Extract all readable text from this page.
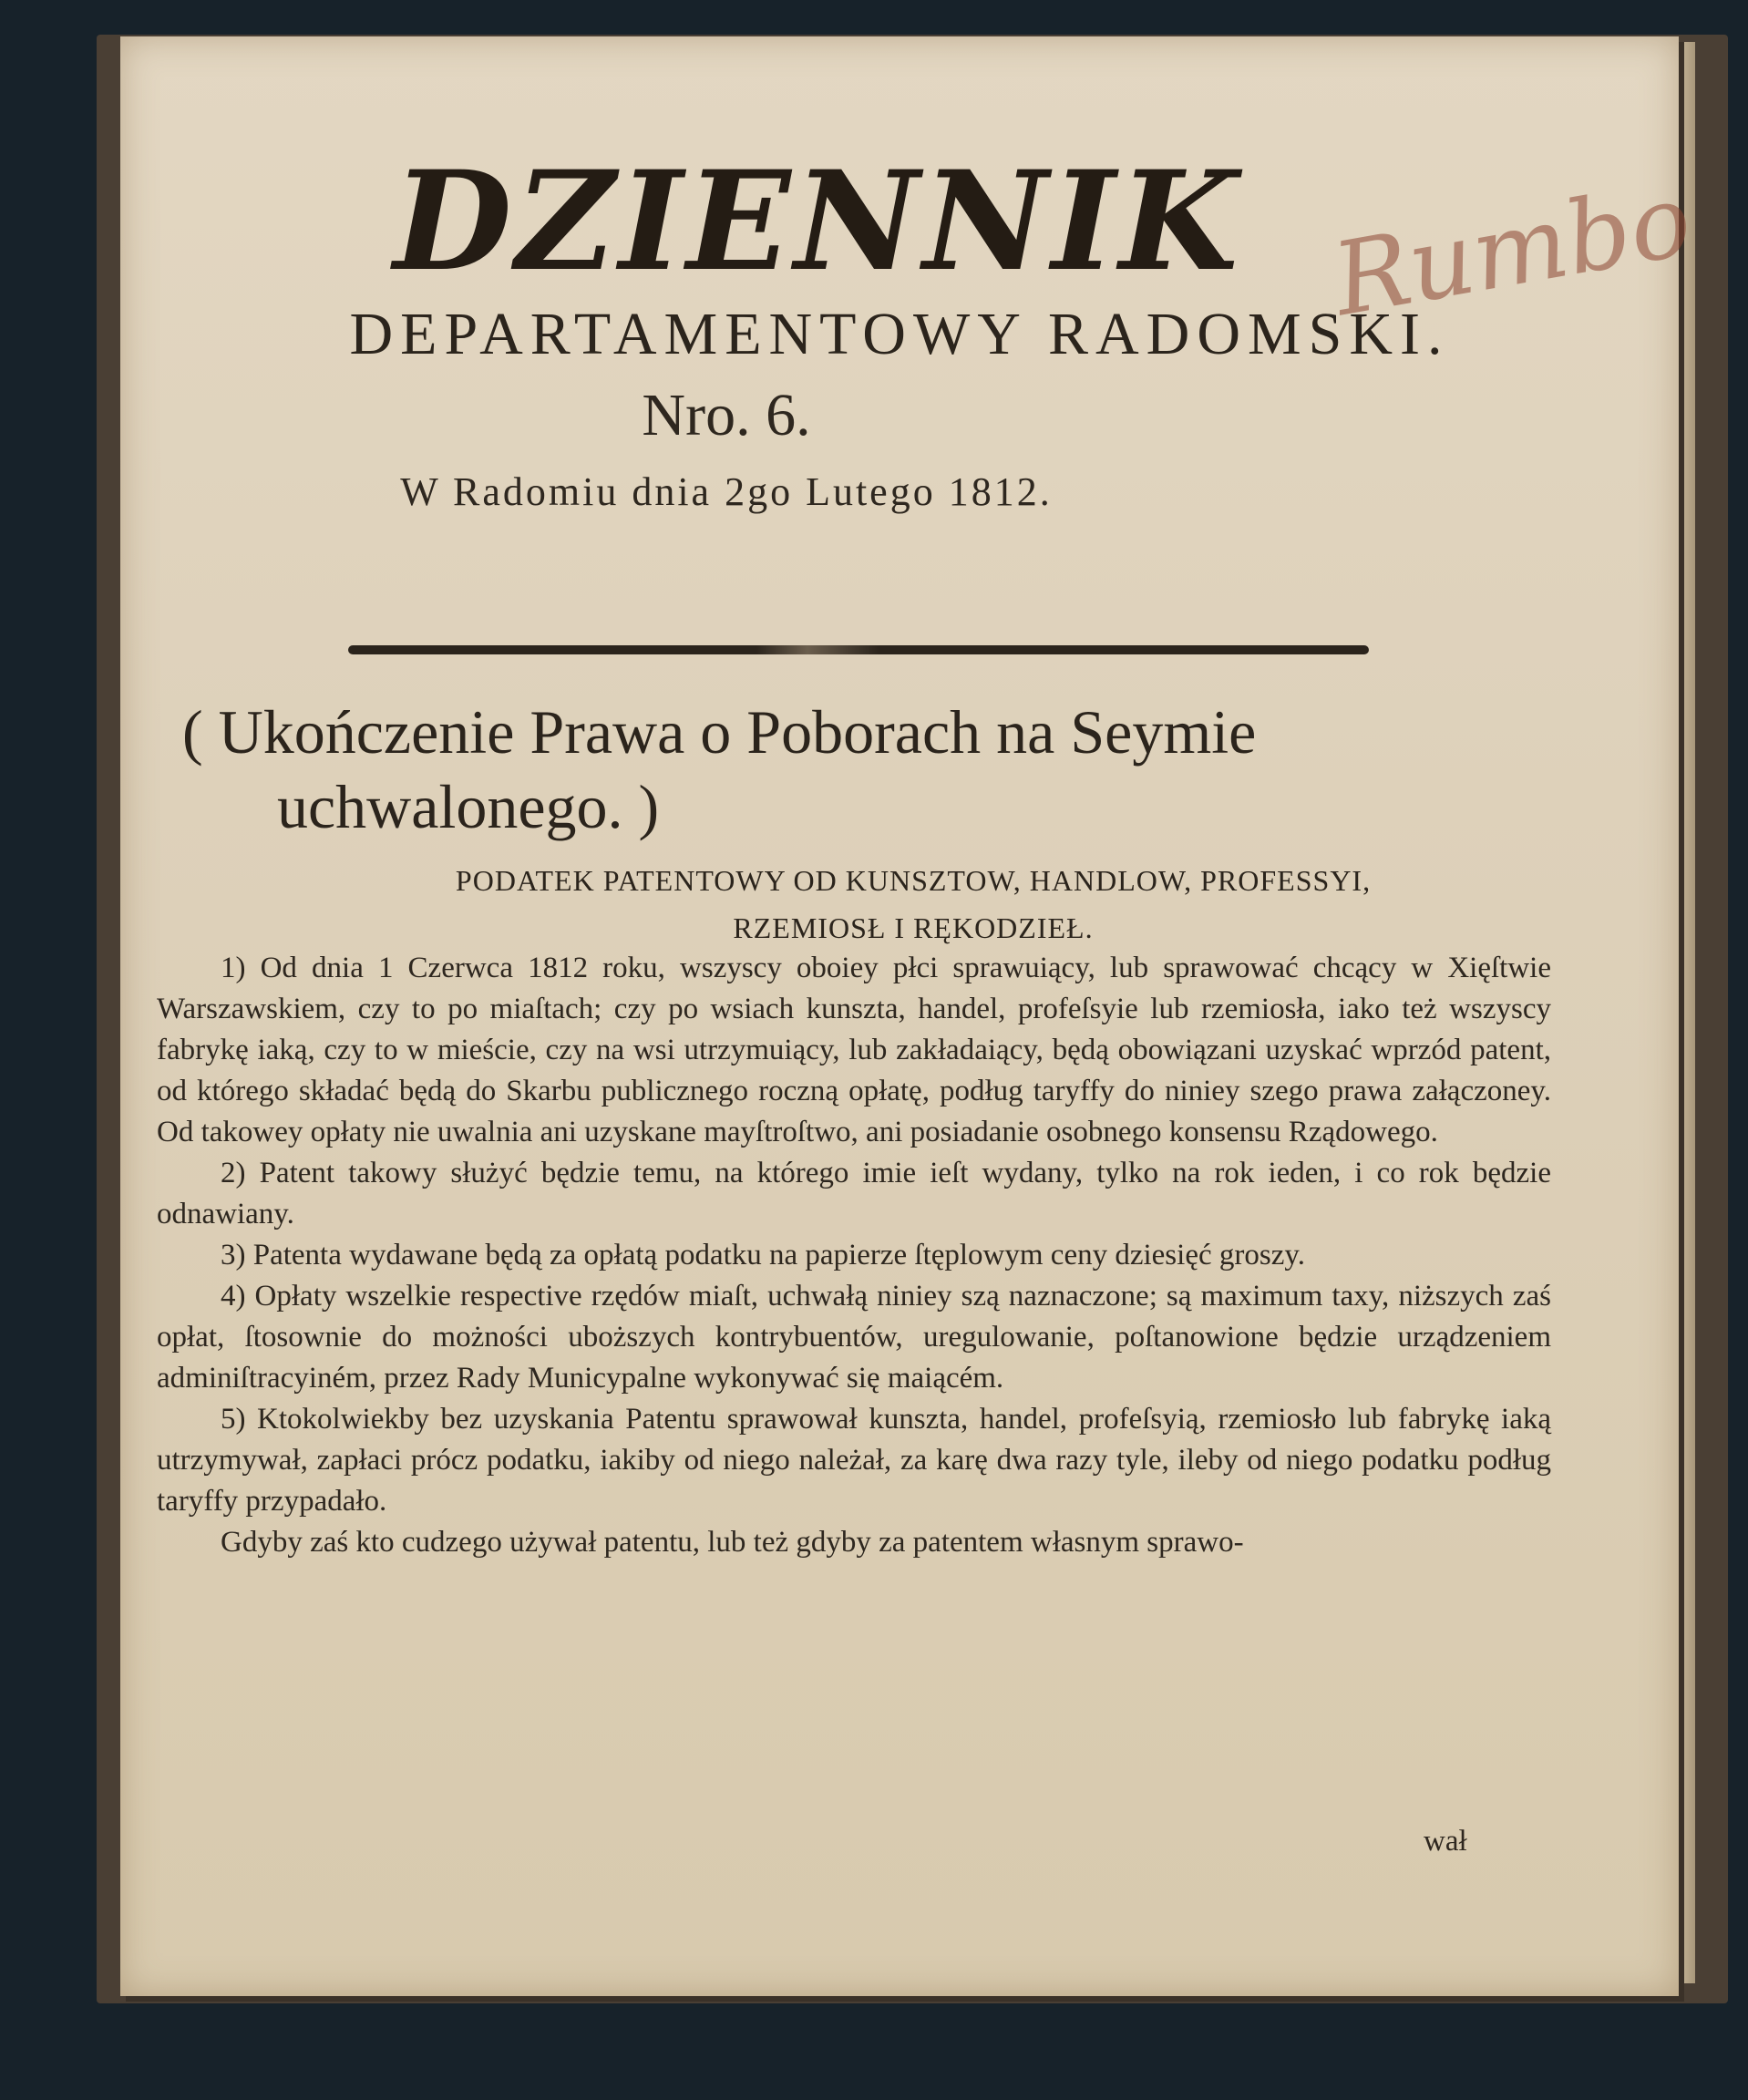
DZIENNIK
DEPARTAMENTOWY RADOMSKI.
Nro. 6.
W Radomiu dnia 2go Lutego 1812.
Rumbo
( Ukończenie Prawa o Poborach na Seymie
uchwalonego. )
PODATEK PATENTOWY OD KUNSZTOW, HANDLOW, PROFESSYI,
RZEMIOSŁ I RĘKODZIEŁ.

1) Od dnia 1 Czerwca 1812 roku, wszyscy oboiey płci sprawuiący, lub sprawować chcący w Xięſtwie Warszawskiem, czy to po miaſtach; czy po wsiach kunszta, handel, profeſsyie lub rzemiosła, iako też wszyscy fabrykę iaką, czy to w mieście, czy na wsi utrzymuiący, lub zakładaiący, będą obowiązani uzyskać wprzód patent, od którego składać będą do Skarbu publicznego roczną opłatę, podług taryffy do niniey szego prawa załączoney. Od takowey opłaty nie uwalnia ani uzyskane mayſtroſtwo, ani posiadanie osobnego konsensu Rządowego.

2) Patent takowy służyć będzie temu, na którego imie ieſt wydany, tylko na rok ieden, i co rok będzie odnawiany.

3) Patenta wydawane będą za opłatą podatku na papierze ſtęplowym ceny dziesięć groszy.

4) Opłaty wszelkie respective rzędów miaſt, uchwałą niniey szą naznaczone; są maximum taxy, niższych zaś opłat, ſtosownie do możności uboższych kontrybuentów, uregulowanie, poſtanowione będzie urządzeniem adminiſtracyiném, przez Rady Municypalne wykonywać się maiącém.

5) Ktokolwiekby bez uzyskania Patentu sprawował kunszta, handel, profeſsyią, rzemiosło lub fabrykę iaką utrzymywał, zapłaci prócz podatku, iakiby od niego należał, za karę dwa razy tyle, ileby od niego podatku podług taryffy przypadało.

Gdyby zaś kto cudzego używał patentu, lub też gdyby za patentem własnym sprawo-

wał
